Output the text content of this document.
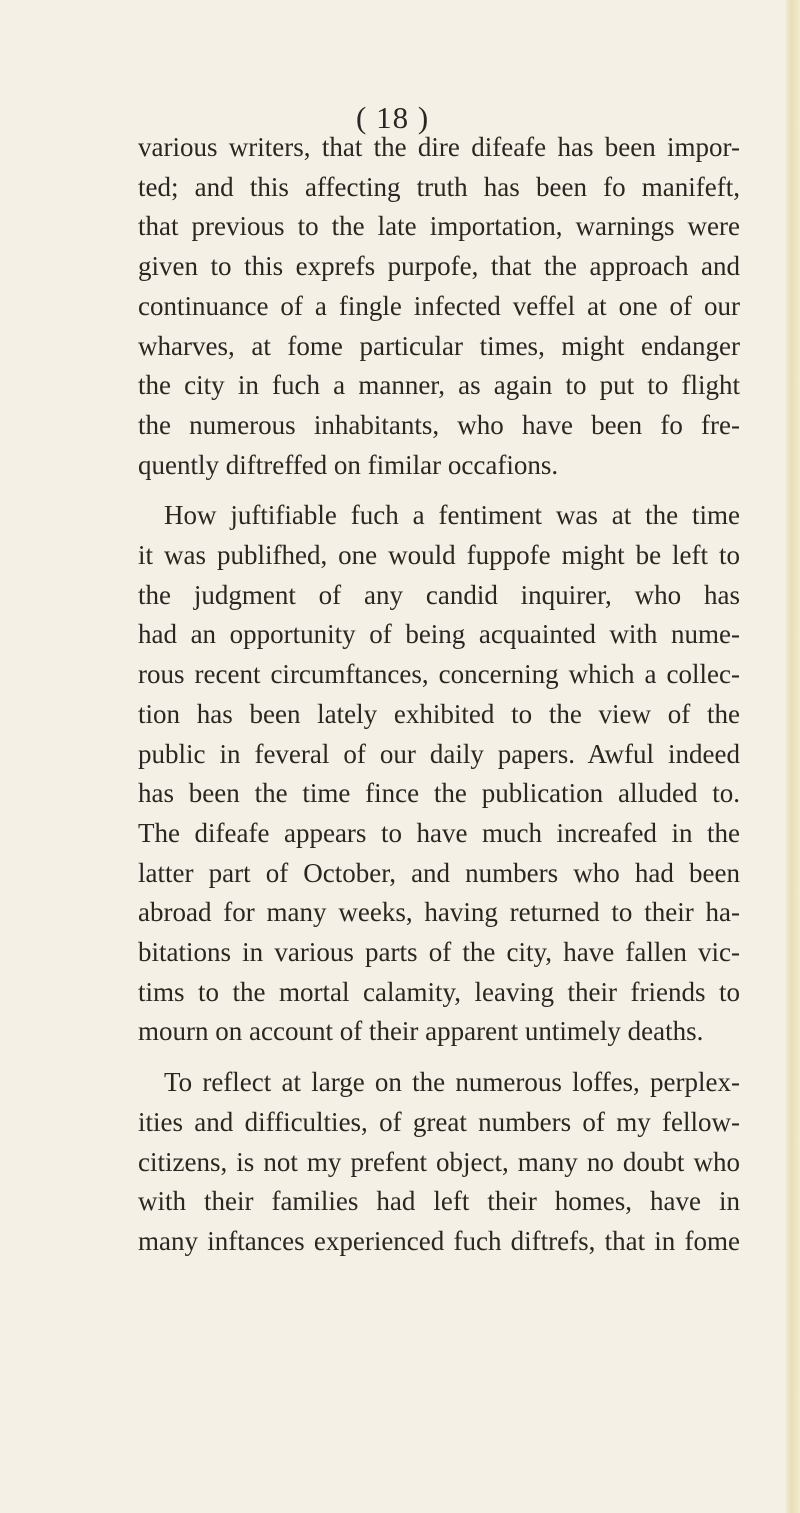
( 18 )
various writers, that the dire difeafe has been impor-
ted; and this affecting truth has been fo manifeft,
that previous to the late importation, warnings were
given to this exprefs purpofe, that the approach and
continuance of a fingle infected veffel at one of our
wharves, at fome particular times, might endanger
the city in fuch a manner, as again to put to flight
the numerous inhabitants, who have been fo fre-
quently diftreffed on fimilar occafions.
How juftifiable fuch a fentiment was at the time
it was publifhed, one would fuppofe might be left to
the judgment of any candid inquirer, who has
had an opportunity of being acquainted with nume-
rous recent circumftances, concerning which a collec-
tion has been lately exhibited to the view of the
public in feveral of our daily papers. Awful indeed
has been the time fince the publication alluded to.
The difeafe appears to have much increafed in the
latter part of October, and numbers who had been
abroad for many weeks, having returned to their ha-
bitations in various parts of the city, have fallen vic-
tims to the mortal calamity, leaving their friends to
mourn on account of their apparent untimely deaths.
To reflect at large on the numerous loffes, perplex-
ities and difficulties, of great numbers of my fellow-
citizens, is not my prefent object, many no doubt who
with their families had left their homes, have in
many inftances experienced fuch diftrefs, that in fome
